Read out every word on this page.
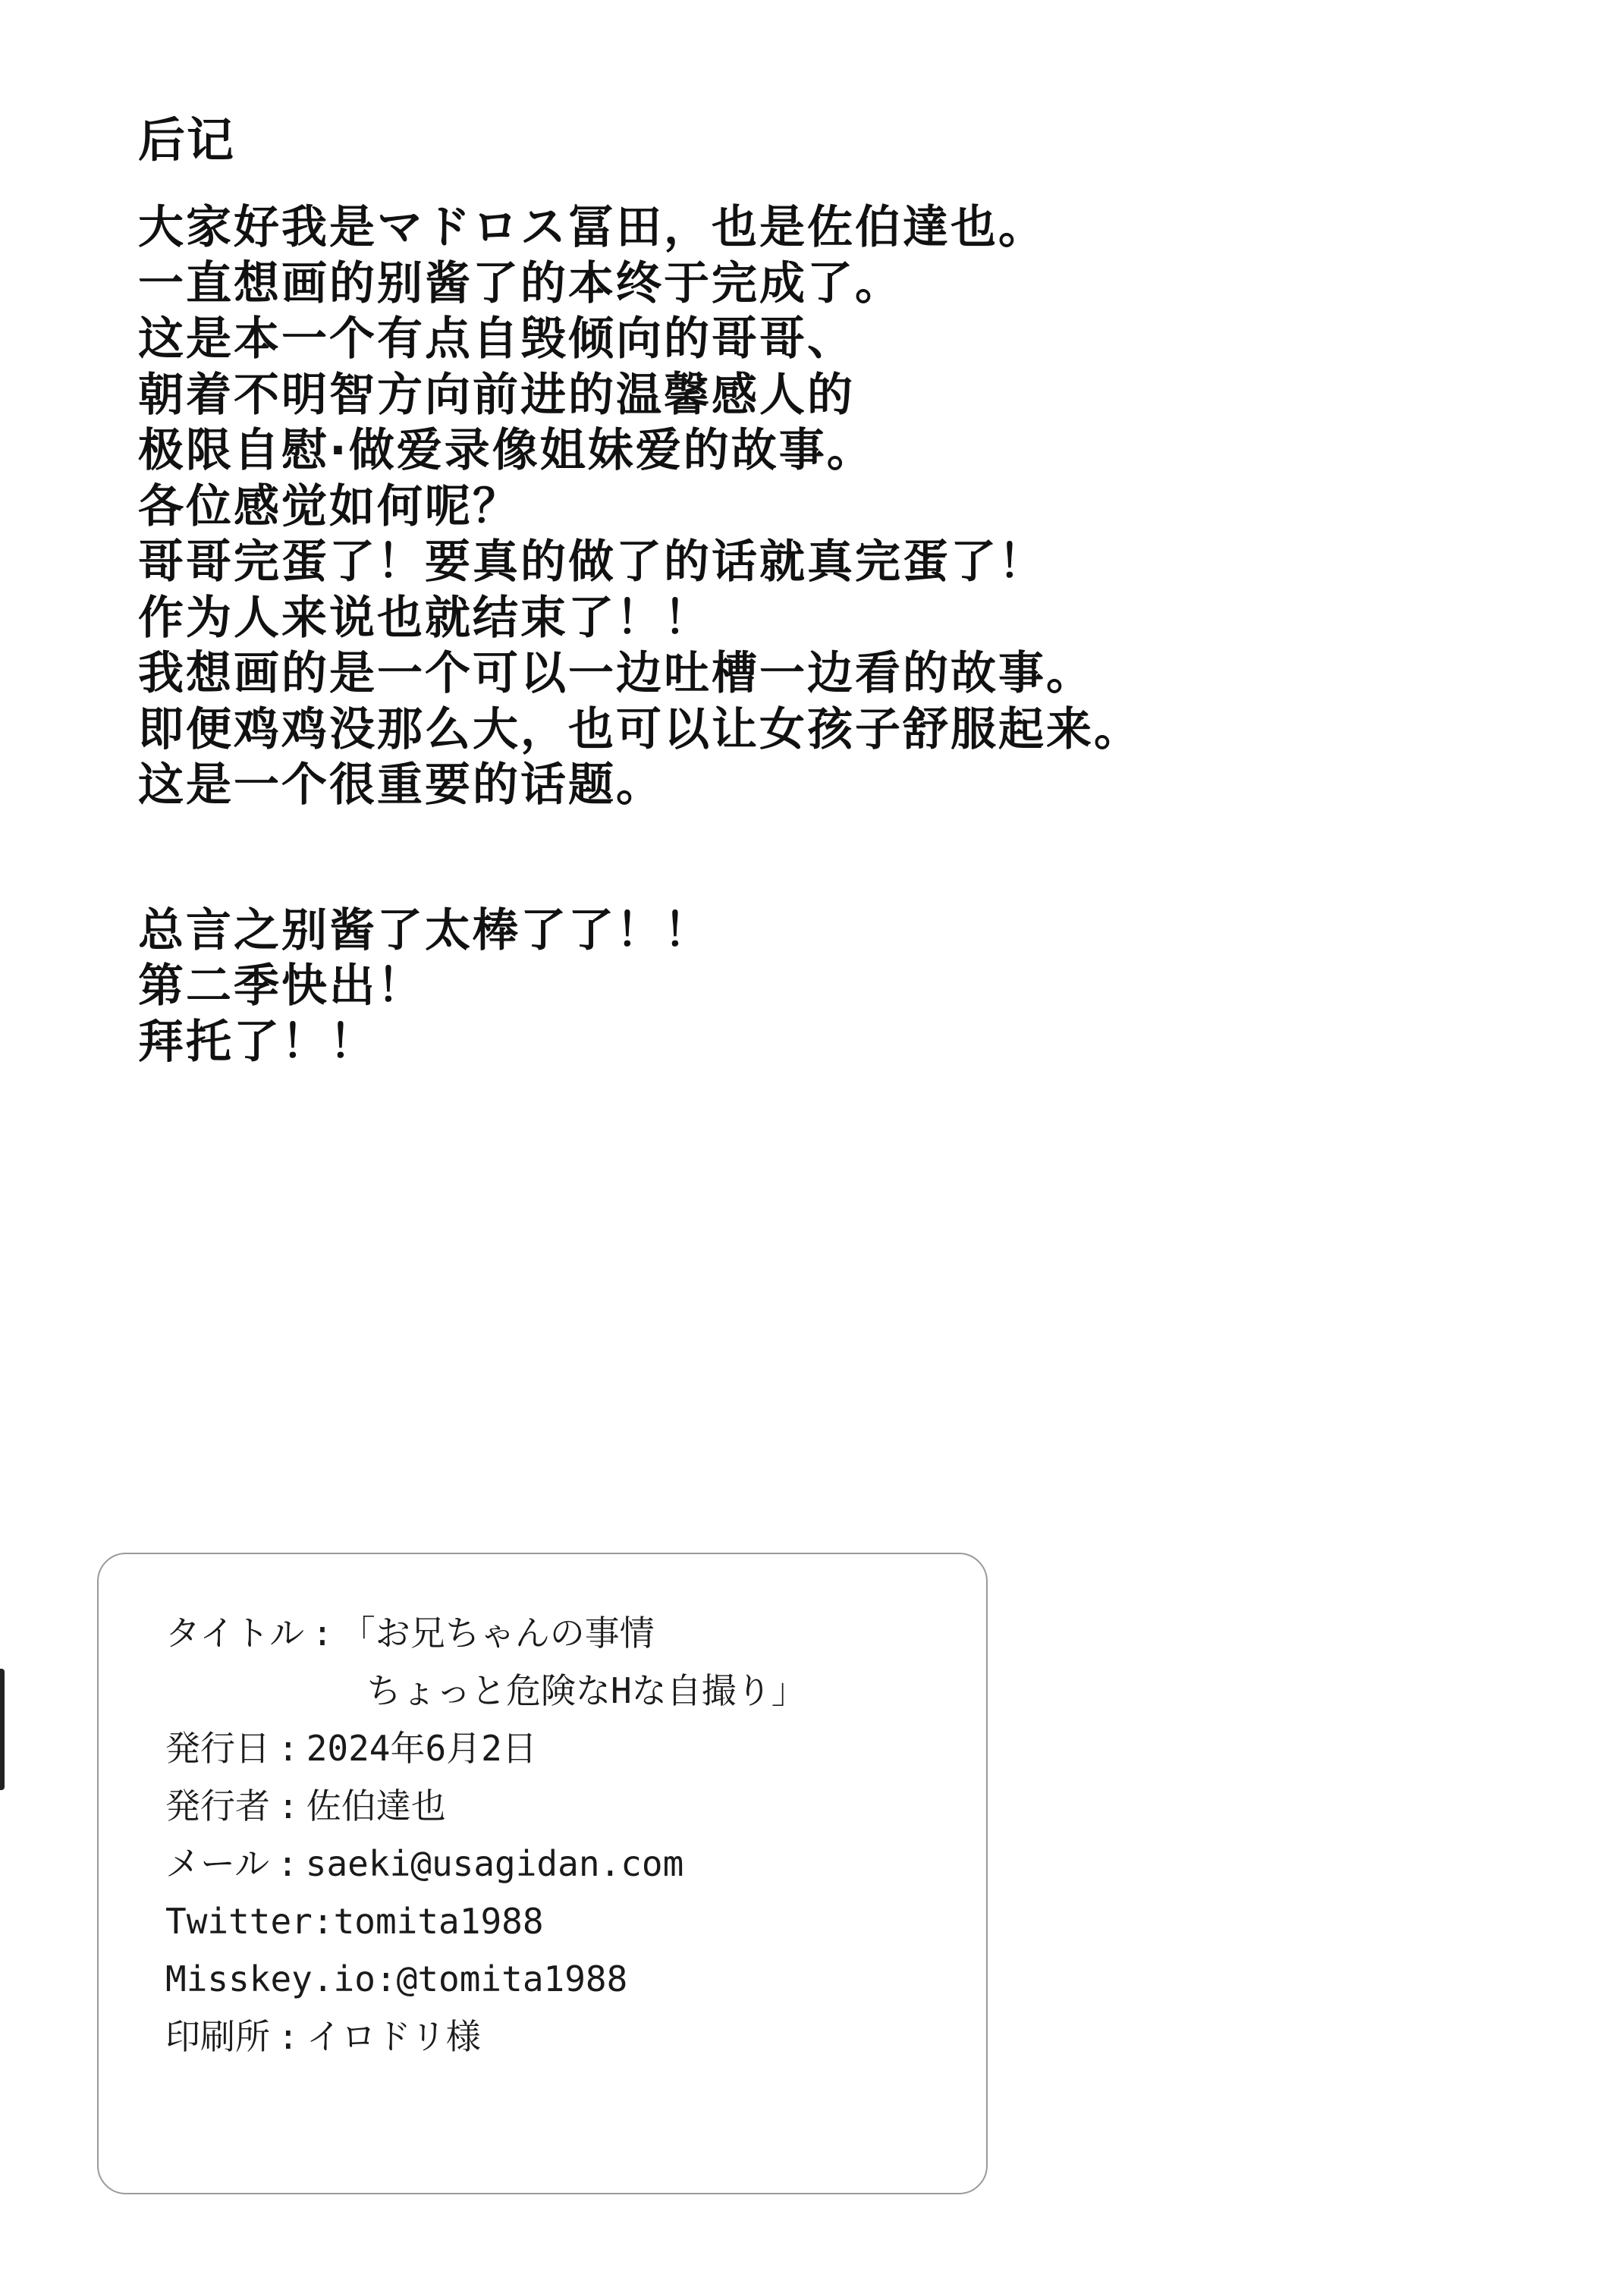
后记
大家好我是マドロス冨田，也是佐伯達也。
一直想画的别酱了的本终于完成了。
这是本一个有点自毁倾向的哥哥、
朝着不明智方向前进的温馨感人的
极限自慰·做爱录像姐妹爱的故事。
各位感觉如何呢？
哥哥完蛋了！要真的做了的话就真完蛋了！
作为人来说也就结束了！！
我想画的是一个可以一边吐槽一边看的故事。
即便鸡鸡没那么大，也可以让女孩子舒服起来。
这是一个很重要的话题。
总言之别酱了太棒了了！！
第二季快出！
拜托了！！
タイトル : 「お兄ちゃんの事情
ちょっと危険なHな自撮り」
発行日 : 2024年6月2日
発行者 : 佐伯達也
メール : saeki@usagidan.com
Twitter : tomita1988
Misskey.io : @tomita1988
印刷所 : イロドリ様
